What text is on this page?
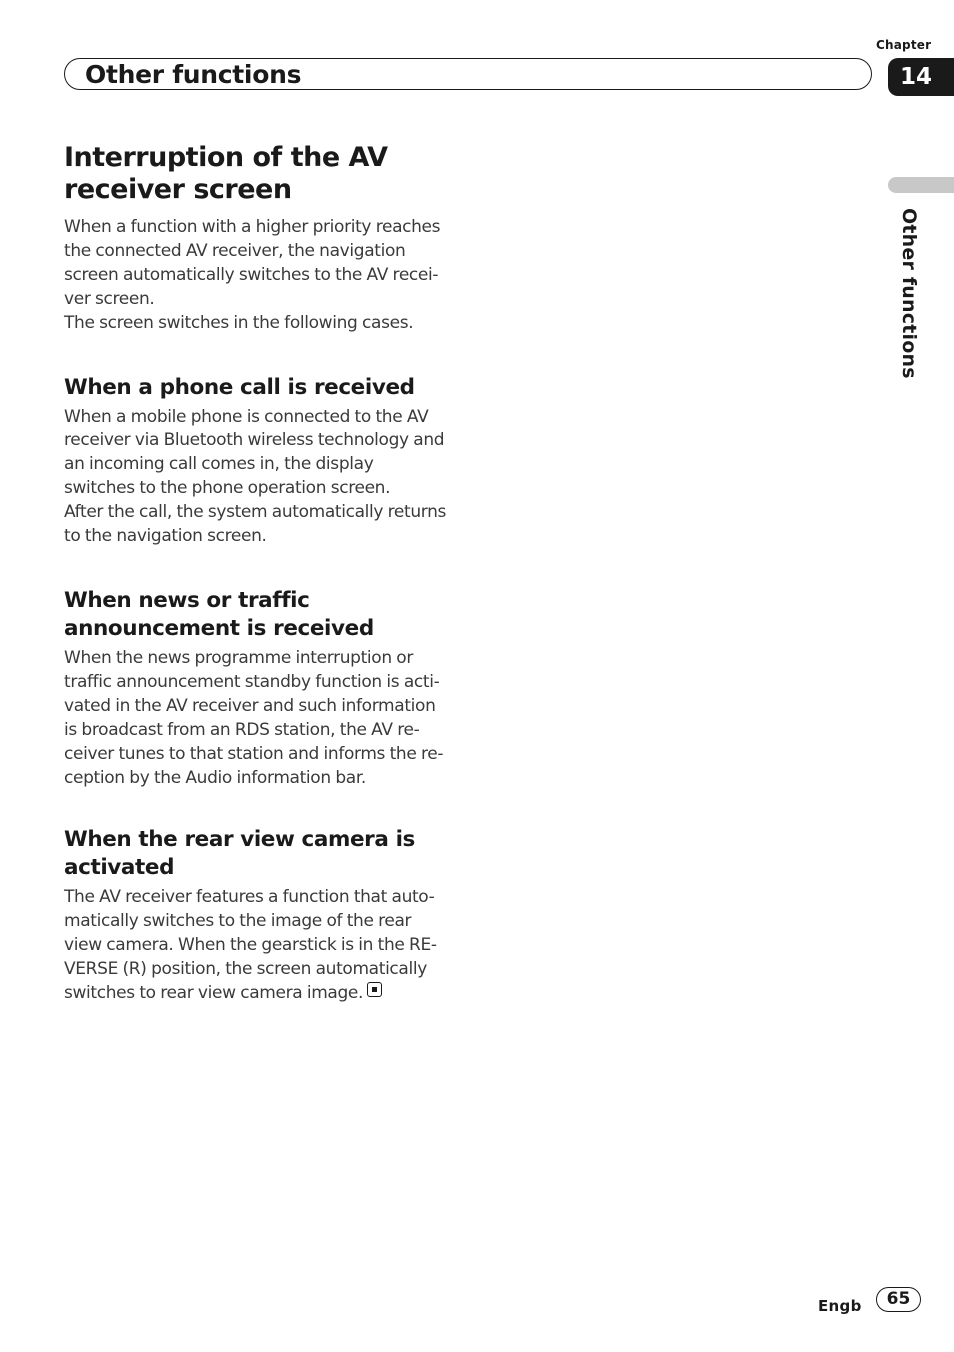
Chapter
Other functions	14
Other functions
Interruption of the AV
receiver screen

When a function with a higher priority reaches
the connected AV receiver, the navigation
screen automatically switches to the AV recei-
ver screen.
The screen switches in the following cases.

When a phone call is received

When a mobile phone is connected to the AV
receiver via Bluetooth wireless technology and
an incoming call comes in, the display
switches to the phone operation screen.
After the call, the system automatically returns
to the navigation screen.

When news or traffic
announcement is received

When the news programme interruption or
traffic announcement standby function is acti-
vated in the AV receiver and such information
is broadcast from an RDS station, the AV re-
ceiver tunes to that station and informs the re-
ception by the Audio information bar.

When the rear view camera is
activated

The AV receiver features a function that auto-
matically switches to the image of the rear
view camera. When the gearstick is in the RE-
VERSE (R) position, the screen automatically
switches to rear view camera image.

Engb	65
